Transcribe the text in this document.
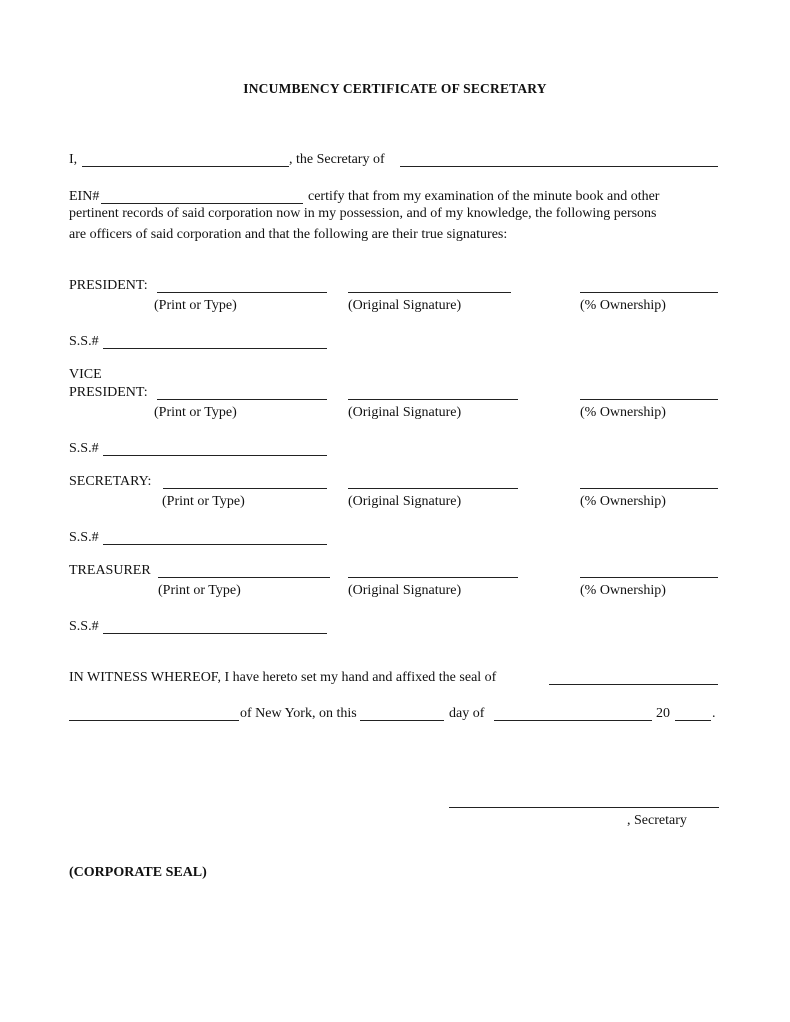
INCUMBENCY CERTIFICATE OF SECRETARY
I,	, the Secretary of
EIN#	certify that from my examination of the minute book and other
pertinent records of said corporation now in my possession, and of my knowledge, the following persons
are officers of said corporation and that the following are their true signatures:
PRESIDENT:
(Print or Type)	(Original Signature)	(% Ownership)
S.S.#
VICE
PRESIDENT:
(Print or Type)	(Original Signature)	(% Ownership)
S.S.#
SECRETARY:
(Print or Type)	(Original Signature)	(% Ownership)
S.S.#
TREASURER
(Print or Type)	(Original Signature)	(% Ownership)
S.S.#
IN WITNESS WHEREOF, I have hereto set my hand and affixed the seal of
of New York, on this	day of	20	.
, Secretary
(CORPORATE SEAL)
